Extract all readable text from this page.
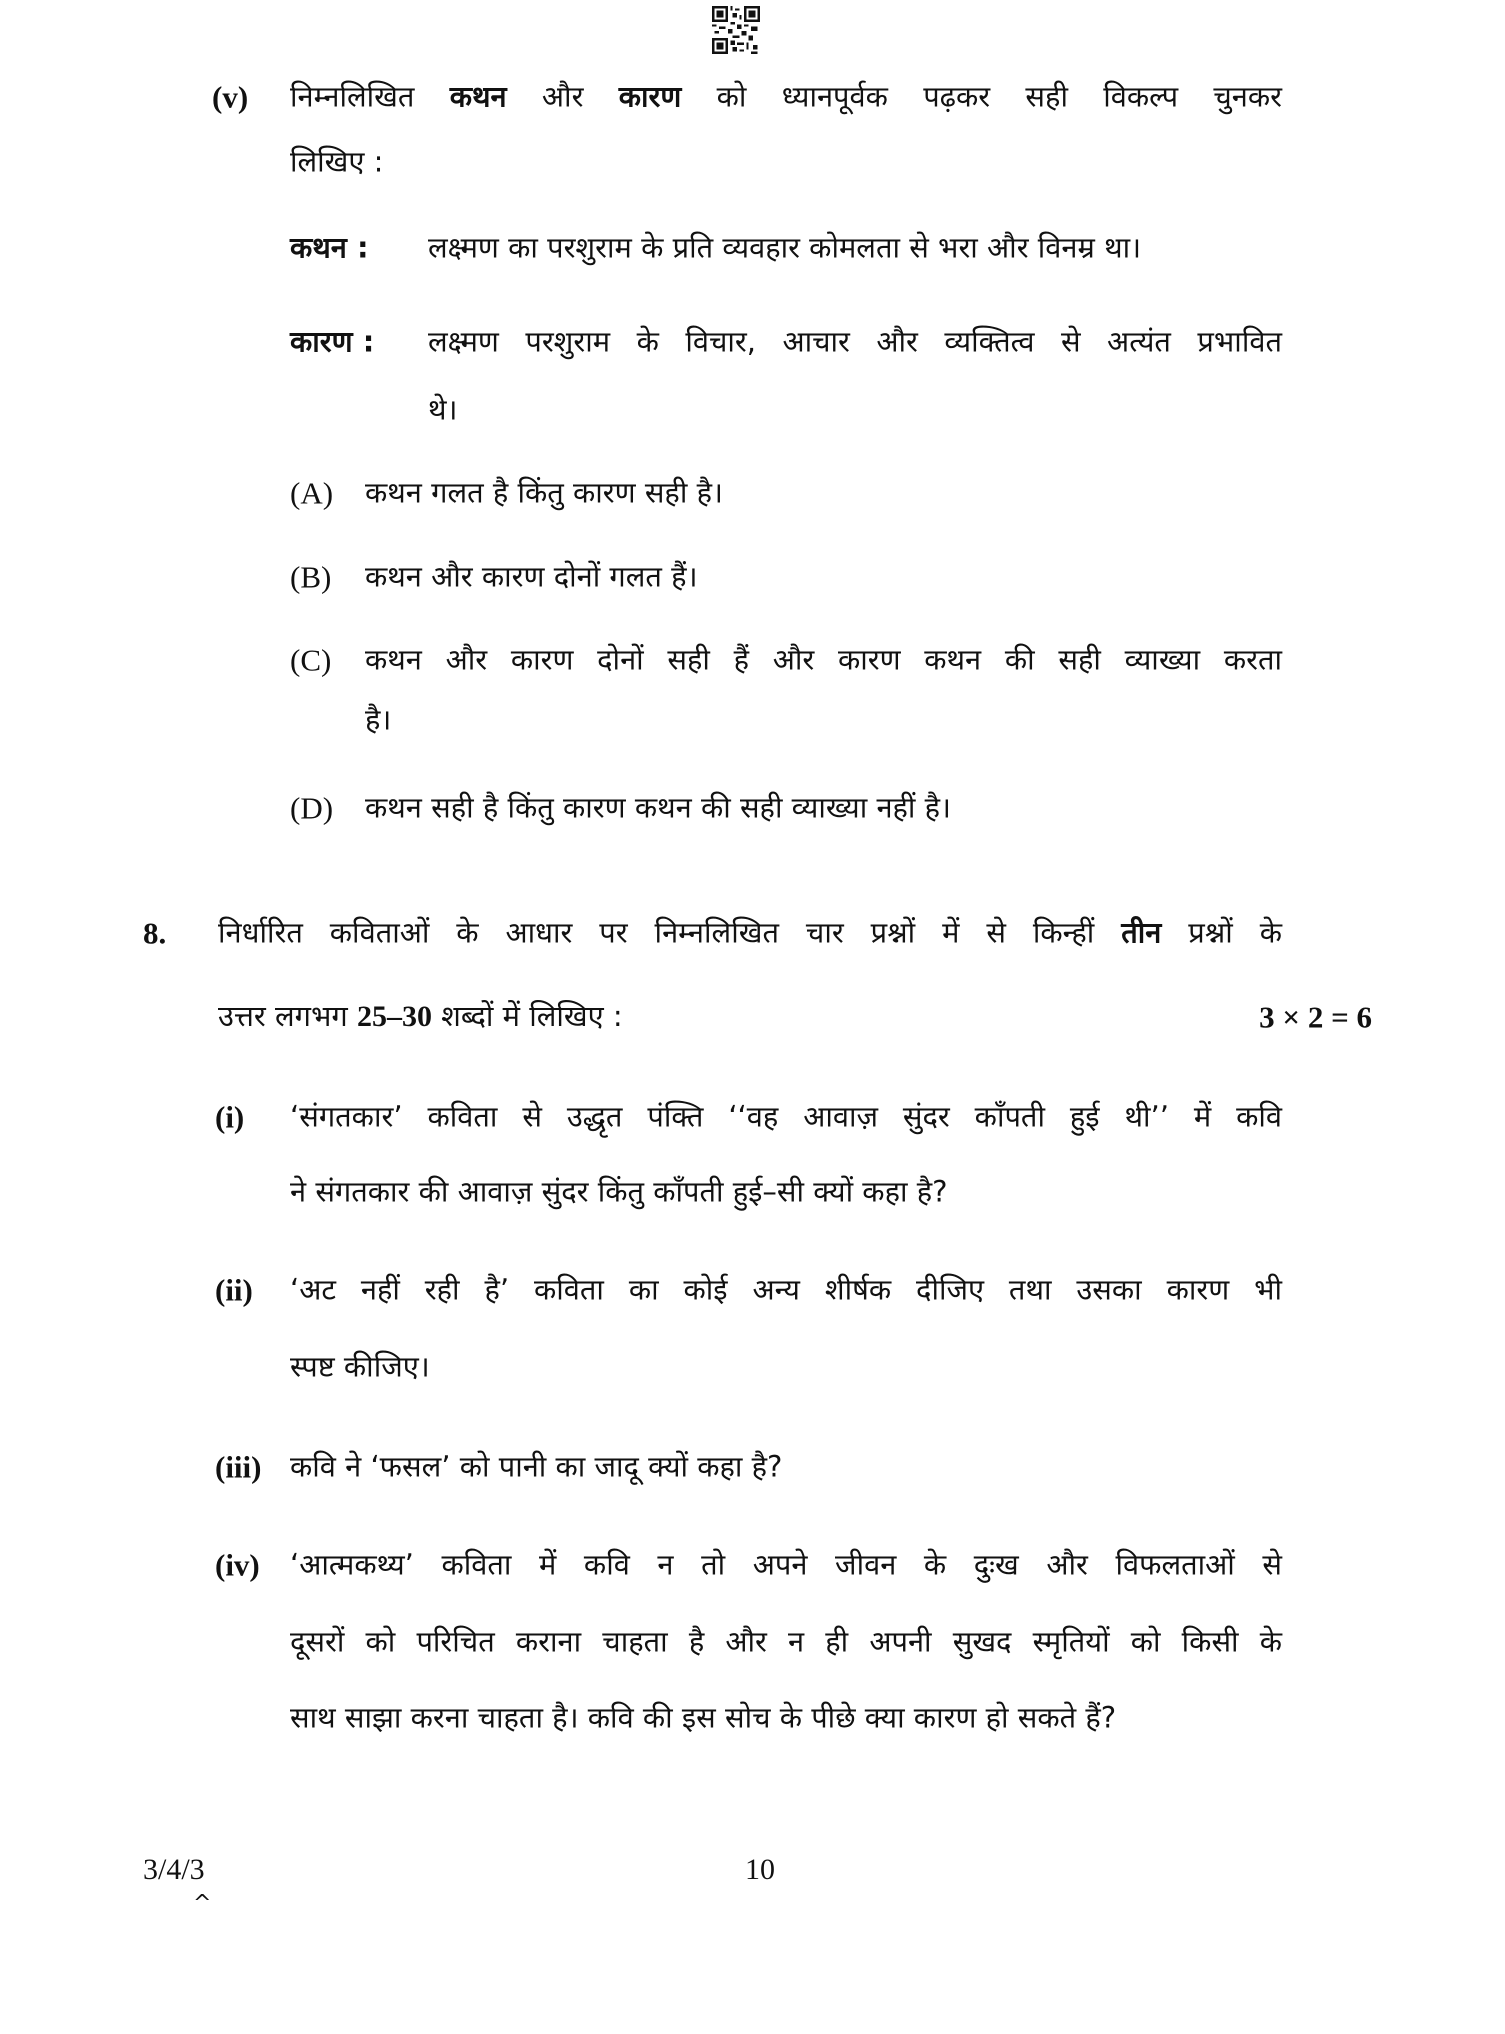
(v) निम्नलिखित कथन और कारण को ध्यानपूर्वक पढ़कर सही विकल्प चुनकर
लिखिए :
कथन : लक्ष्मण का परशुराम के प्रति व्यवहार कोमलता से भरा और विनम्र था।
कारण : लक्ष्मण परशुराम के विचार, आचार और व्यक्तित्व से अत्यंत प्रभावित
थे।
(A) कथन गलत है किंतु कारण सही है।
(B) कथन और कारण दोनों गलत हैं।
(C) कथन और कारण दोनों सही हैं और कारण कथन की सही व्याख्या करता
है।
(D) कथन सही है किंतु कारण कथन की सही व्याख्या नहीं है।
8. निर्धारित कविताओं के आधार पर निम्नलिखित चार प्रश्नों में से किन्हीं तीन प्रश्नों के
उत्तर लगभग 25–30 शब्दों में लिखिए :	3 × 2 = 6
(i) ‘संगतकार’ कविता से उद्धृत पंक्ति ‘‘वह आवाज़ सुंदर काँपती हुई थी’’ में कवि
ने संगतकार की आवाज़ सुंदर किंतु काँपती हुई–सी क्यों कहा है?
(ii) ‘अट नहीं रही है’ कविता का कोई अन्य शीर्षक दीजिए तथा उसका कारण भी
स्पष्ट कीजिए।
(iii) कवि ने ‘फसल’ को पानी का जादू क्यों कहा है?
(iv) ‘आत्मकथ्य’ कविता में कवि न तो अपने जीवन के दुःख और विफलताओं से
दूसरों को परिचित कराना चाहता है और न ही अपनी सुखद स्मृतियों को किसी के
साथ साझा करना चाहता है। कवि की इस सोच के पीछे क्या कारण हो सकते हैं?
3/4/3	10
^
